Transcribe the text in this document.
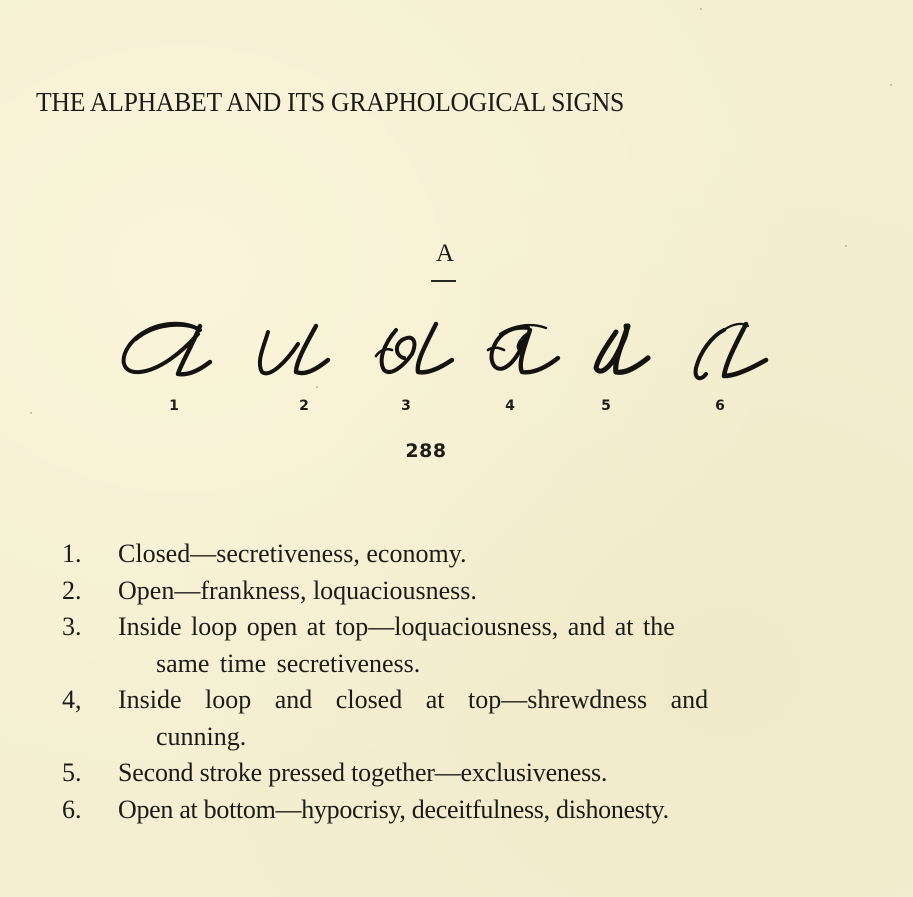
THE ALPHABET AND ITS GRAPHOLOGICAL SIGNS
A
1	2	3	4	5	6
288
1. Closed—secretiveness, economy.
2. Open—frankness, loquaciousness.
3. Inside loop open at top—loquaciousness, and at the
same time secretiveness.
4, Inside loop and closed at top—shrewdness and
cunning.
5. Second stroke pressed together—exclusiveness.
6. Open at bottom—hypocrisy, deceitfulness, dishonesty.
